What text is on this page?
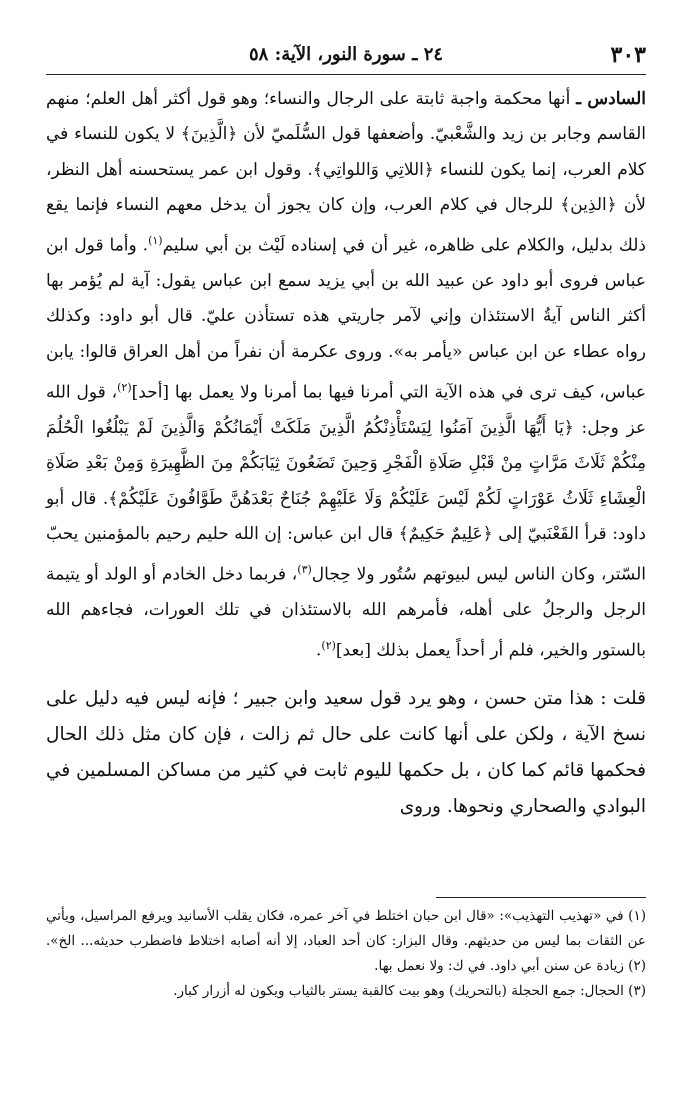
٣٠٣
٢٤ ـ سورة النور، الآية: ٥٨

السادس ـ أنها محكمة واجبة ثابتة على الرجال والنساء؛ وهو قول أكثر أهل العلم؛ منهم القاسم وجابر بن زيد والشَّعْبيّ. وأضعفها قول السُّلَميّ لأن ﴿الَّذِينَ﴾ لا يكون للنساء في كلام العرب، إنما يكون للنساء ﴿اللاتِي وَاللواتِي﴾. وقول ابن عمر يستحسنه أهل النظر، لأن ﴿الذِين﴾ للرجال في كلام العرب، وإن كان يجوز أن يدخل معهم النساء فإنما يقع ذلك بدليل، والكلام على ظاهره، غير أن في إسناده لَيْث بن أبي سليم$^{(١)}$. وأما قول ابن عباس فروى أبو داود عن عبيد الله بن أبي يزيد سمع ابن عباس يقول: آية لم يُؤمر بها أكثر الناس آيةُ الاستئذان وإني لآمر جاريتي هذه تستأذن عليّ. قال أبو داود: وكذلك رواه عطاء عن ابن عباس «يأمر به». وروى عكرمة أن نفراً من أهل العراق قالوا: يابن عباس، كيف ترى في هذه الآية التي أمرنا فيها بما أمرنا ولا يعمل بها [أحد]$^{(٢)}$، قول الله عز وجل: ﴿يَا أَيُّهَا الَّذِينَ آمَنُوا لِيَسْتَأْذِنْكُمُ الَّذِينَ مَلَكَتْ أَيْمَانُكُمْ وَالَّذِينَ لَمْ يَبْلُغُوا الْحُلُمَ مِنْكُمْ ثَلَاثَ مَرَّاتٍ مِنْ قَبْلِ صَلَاةِ الْفَجْرِ وَحِينَ تَضَعُونَ ثِيَابَكُمْ مِنَ الظَّهِيرَةِ وَمِنْ بَعْدِ صَلَاةِ الْعِشَاءِ ثَلَاثُ عَوْرَاتٍ لَكُمْ لَيْسَ عَلَيْكُمْ وَلَا عَلَيْهِمْ جُنَاحٌ بَعْدَهُنَّ طَوَّافُونَ عَلَيْكُمْ﴾. قال أبو داود: قرأ القَعْنَبيّ إلى ﴿عَلِيمٌ حَكِيمٌ﴾ قال ابن عباس: إن الله حليم رحيم بالمؤمنين يحبّ السّتر، وكان الناس ليس لبيوتهم سُتُور ولا حِجال$^{(٣)}$، فربما دخل الخادم أو الولد أو يتيمة الرجل والرجلُ على أهله، فأمرهم الله بالاستئذان في تلك العورات، فجاءهم الله بالستور والخير، فلم أر أحداً يعمل بذلك [بعد]$^{(٢)}$.

قلت : هذا متن حسن ، وهو يرد قول سعيد وابن جبير ؛ فإنه ليس فيه دليل على نسخ الآية ، ولكن على أنها كانت على حال ثم زالت ، فإن كان مثل ذلك الحال فحكمها قائم كما كان ، بل حكمها لليوم ثابت في كثير من مساكن المسلمين في البوادي والصحاري ونحوها. وروى

(١) في «تهذيب التهذيب»: «قال ابن حبان اختلط في آخر عمره، فكان يقلب الأسانيد ويرفع المراسيل، ويأتي عن الثقات بما ليس من حديثهم. وقال البزار: كان أحد العباد، إلا أنه أصابه اختلاط فاضطرب حديثه... الخ». (٢) زيادة عن سنن أبي داود. في ك: ولا نعمل بها.

(٣) الحجال: جمع الحجلة (بالتحريك) وهو بيت كالقبة يستر بالثياب ويكون له أزرار كبار.
